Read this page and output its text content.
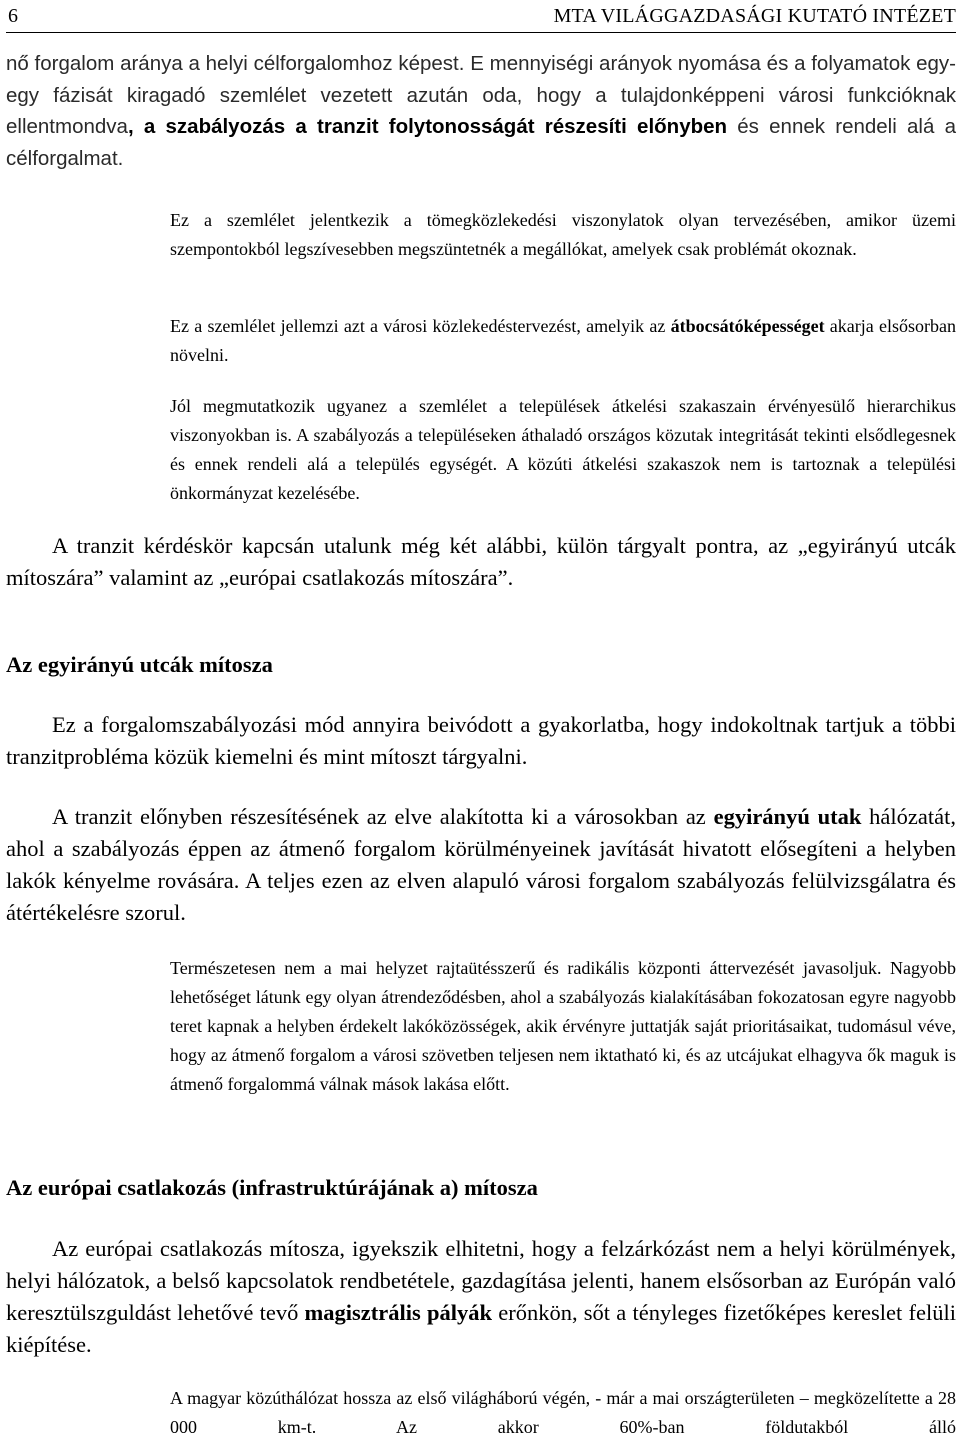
6	MTA VILÁGGAZDASÁGI KUTATÓ INTÉZET

nő forgalom aránya a helyi célforgalomhoz képest. E mennyiségi arányok nyomása és a folyamatok egy-egy fázisát kiragadó szemlélet vezetett azután oda, hogy a tulajdonképpeni városi funkcióknak ellentmondva, a szabályozás a tranzit folytonosságát részesíti előnyben és ennek rendeli alá a célforgalmat.

Ez a szemlélet jelentkezik a tömegközlekedési viszonylatok olyan tervezésében, amikor üzemi szempontokból legszívesebben megszüntetnék a megállókat, amelyek csak problémát okoznak.

Ez a szemlélet jellemzi azt a városi közlekedéstervezést, amelyik az átbocsátóképességet akarja elsősorban növelni.

Jól megmutatkozik ugyanez a szemlélet a települések átkelési szakaszain érvényesülő hierarchikus viszonyokban is. A szabályozás a településeken áthaladó országos közutak integritását tekinti elsődlegesnek és ennek rendeli alá a település egységét. A közúti átkelési szakaszok nem is tartoznak a települési önkormányzat kezelésébe.

A tranzit kérdéskör kapcsán utalunk még két alábbi, külön tárgyalt pontra, az „egyirányú utcák mítoszára” valamint az „európai csatlakozás mítoszára”.

Az egyirányú utcák mítosza

Ez a forgalomszabályozási mód annyira beivódott a gyakorlatba, hogy indokoltnak tartjuk a többi tranzitprobléma közük kiemelni és mint mítoszt tárgyalni.

A tranzit előnyben részesítésének az elve alakította ki a városokban az egyirányú utak hálózatát, ahol a szabályozás éppen az átmenő forgalom körülményeinek javítását hivatott elősegíteni a helyben lakók kényelme rovására. A teljes ezen az elven alapuló városi forgalom szabályozás felülvizsgálatra és átértékelésre szorul.

Természetesen nem a mai helyzet rajtaütésszerű és radikális központi áttervezését javasoljuk. Nagyobb lehetőséget látunk egy olyan átrendeződésben, ahol a szabályozás kialakításában fokozatosan egyre nagyobb teret kapnak a helyben érdekelt lakóközösségek, akik érvényre juttatják saját prioritásaikat, tudomásul véve, hogy az átmenő forgalom a városi szövetben teljesen nem iktatható ki, és az utcájukat elhagyva ők maguk is átmenő forgalommá válnak mások lakása előtt.

Az európai csatlakozás (infrastruktúrájának a) mítosza

Az európai csatlakozás mítosza, igyekszik elhitetni, hogy a felzárkózást nem a helyi körülmények, helyi hálózatok, a belső kapcsolatok rendbetétele, gazdagítása jelenti, hanem elsősorban az Európán való keresztülszguldást lehetővé tevő magisztrális pályák erőnkön, sőt a tényleges fizetőképes kereslet felüli kiépítése.

A magyar közúthálózat hossza az első világháború végén, - már a mai országterületen – megközelítette a 28 000 km-t. Az akkor 60%-ban földutakból álló
